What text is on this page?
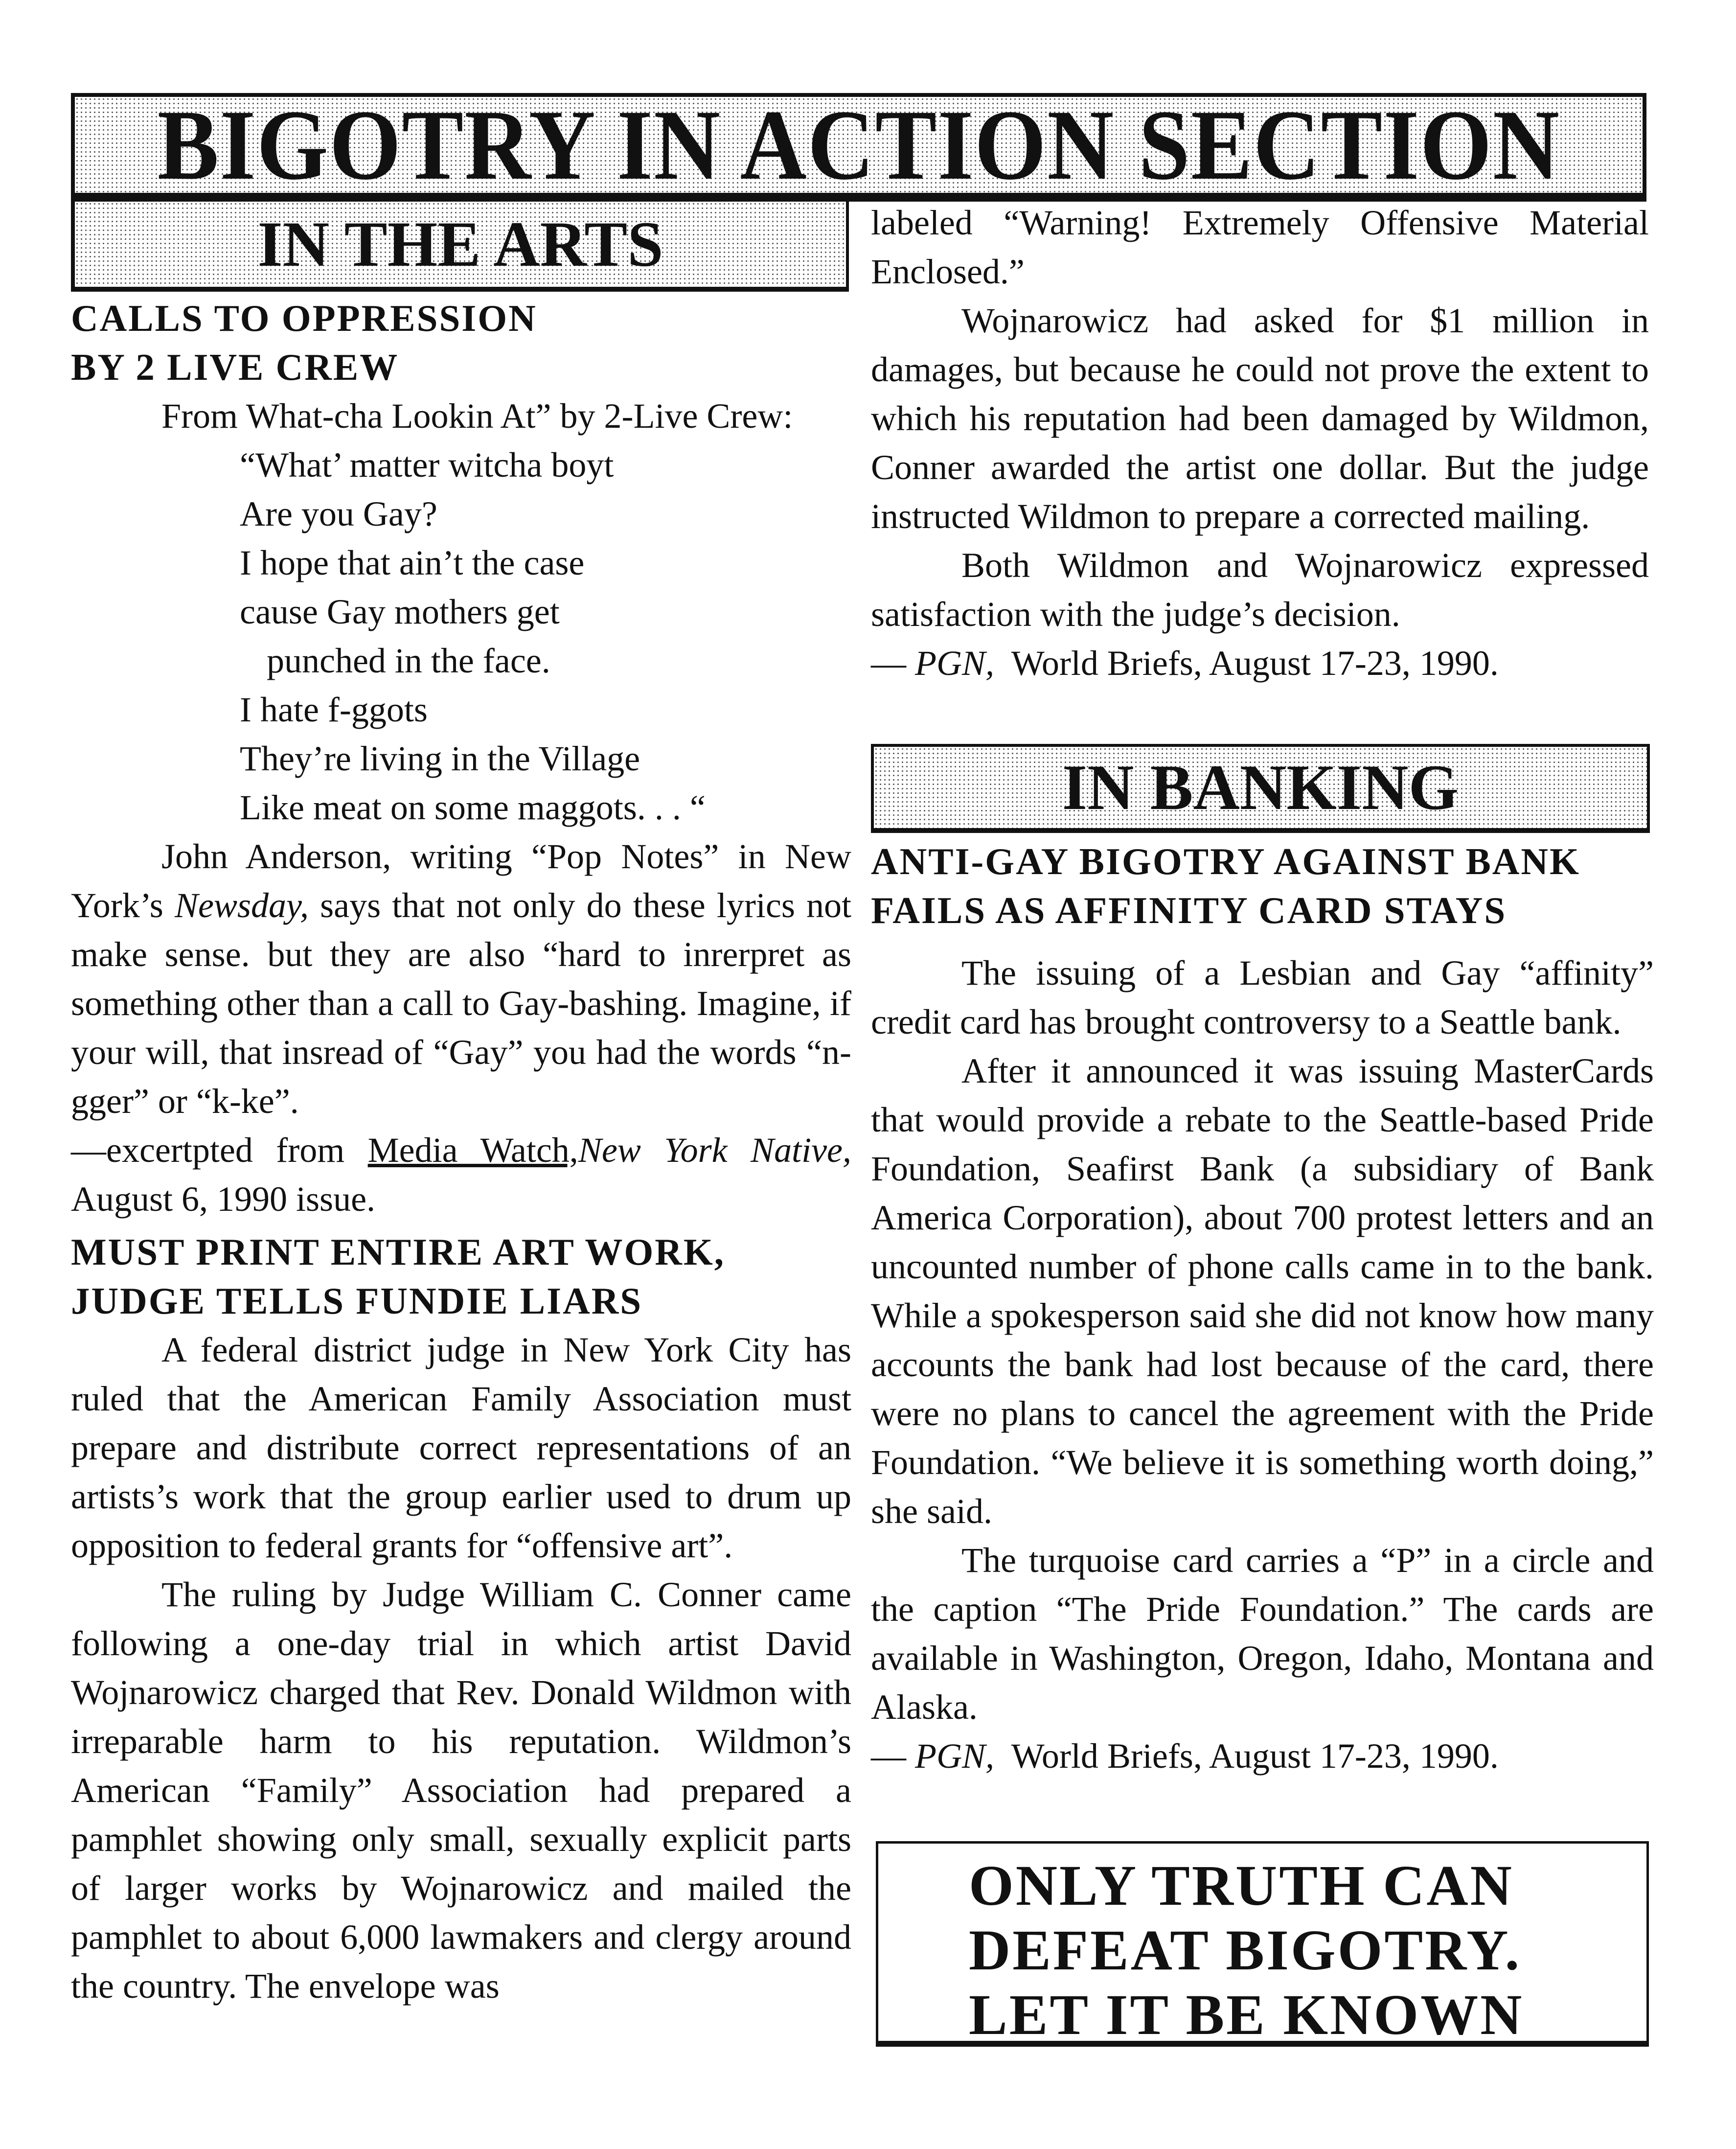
BIGOTRY IN ACTION SECTION
IN THE ARTS
CALLS TO OPPRESSION
BY 2 LIVE CREW

From What-cha Lookin At” by 2-Live Crew:

“What’ matter witcha boyt
Are you Gay?
I hope that ain’t the case
cause Gay mothers get
punched in the face.
I hate f-ggots
They’re living in the Village
Like meat on some maggots. . . “

John Anderson, writing “Pop Notes” in New York’s Newsday, says that not only do these lyrics not make sense. but they are also “hard to inrerpret as something other than a call to Gay-bashing. Imagine, if your will, that insread of “Gay” you had the words “n-gger” or “k-ke”.

—excertpted from Media Watch,New York Native, August 6, 1990 issue.

MUST PRINT ENTIRE ART WORK,
JUDGE TELLS FUNDIE LIARS

A federal district judge in New York City has ruled that the American Family Association must prepare and distribute correct representations of an artists’s work that the group earlier used to drum up opposition to federal grants for “offensive art”.

The ruling by Judge William C. Conner came following a one-day trial in which artist David Wojnarowicz charged that Rev. Donald Wildmon with irreparable harm to his reputation. Wildmon’s American “Family” Association had prepared a pamphlet showing only small, sexually explicit parts of larger works by Wojnarowicz and mailed the pamphlet to about 6,000 lawmakers and clergy around the country. The envelope was

labeled “Warning! Extremely Offensive Material Enclosed.”

Wojnarowicz had asked for $1 million in damages, but because he could not prove the extent to which his reputation had been damaged by Wildmon, Conner awarded the artist one dollar. But the judge instructed Wildmon to prepare a corrected mailing.

Both Wildmon and Wojnarowicz expressed satisfaction with the judge’s decision.

— PGN,  World Briefs, August 17-23, 1990.

IN BANKING
ANTI-GAY BIGOTRY AGAINST BANK
FAILS AS AFFINITY CARD STAYS

The issuing of a Lesbian and Gay “affinity” credit card has brought controversy to a Seattle bank.

After it announced it was issuing MasterCards that would provide a rebate to the Seattle-based Pride Foundation, Seafirst Bank (a subsidiary of Bank America Corporation), about 700 protest letters and an uncounted number of phone calls came in to the bank. While a spokesperson said she did not know how many accounts the bank had lost because of the card, there were no plans to cancel the agreement with the Pride Foundation. “We believe it is something worth doing,” she said.

The turquoise card carries a “P” in a circle and the caption “The Pride Foundation.” The cards are available in Washington, Oregon, Idaho, Montana and Alaska.

— PGN,  World Briefs, August 17-23, 1990.

ONLY TRUTH CAN
DEFEAT BIGOTRY.
LET IT BE KNOWN
